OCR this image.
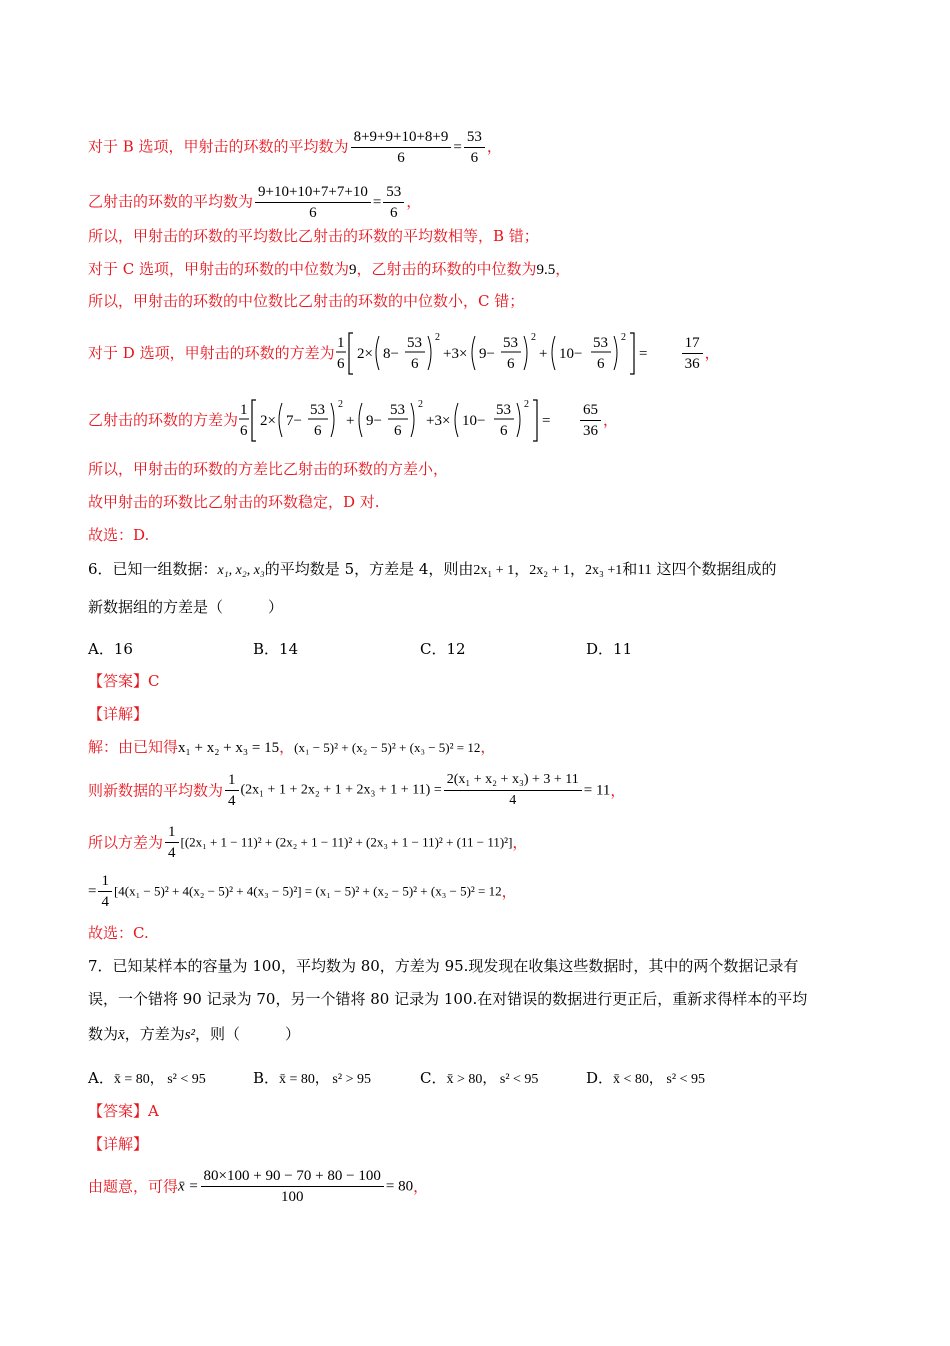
对于 B 选项，甲射击的环数的平均数为 $\frac{8+9+9+10+8+9}{6} = \frac{53}{6}$ ，
乙射击的环数的平均数为 $\frac{9+10+10+7+7+10}{6} = \frac{53}{6}$ ，
所以，甲射击的环数的平均数比乙射击的环数的平均数相等，B 错；
对于 C 选项，甲射击的环数的中位数为9，乙射击的环数的中位数为9.5，
所以，甲射击的环数的中位数比乙射击的环数的中位数小，C 错；
对于 D 选项，甲射击的环数的方差为
1
6
2× 8−
53
6
2
+3× 9−
53
6
2
+ 10−
53
6
2
= $\frac{17}{36}$ ，
乙射击的环数的方差为
1
6
2× 7−
53
6
2
+ 9−
53
6
2
+3× 10−
53
6
2
= $\frac{65}{36}$ ，
所以，甲射击的环数的方差比乙射击的环数的方差小，
故甲射击的环数比乙射击的环数稳定，D 对.
故选：D.
6．已知一组数据：x₁, x₂, x₃的平均数是 5，方差是 4，则由2x₁ + 1，2x₂ + 1，2x₃ +1和11 这四个数据组成的
新数据组的方差是（　　　）
A．16	B．14	C．12	D．11
【答案】C
【详解】
解：由已知得x₁ + x₂ + x₃ = 15，(x₁ − 5)² + (x₂ − 5)² + (x₃ − 5)² = 12，
则新数据的平均数为 $\frac{1}{4} (2x_1 + 1 + 2x_2 + 1 + 2x_3 + 1 + 11) = \frac{\text{2(x₁ + x₂ + x₃) + 3 + 11}}{4} = 11$，
所以方差为 $\frac{1}{4} [(2x_1 + 1 - 11)^2 + (2x_2 + 1 - 11)^2 + (2x_3 + 1 - 11)^2 + (11 - 11)^2]$，
= $\frac{1}{4} [4(x_1 - 5)^2 + 4(x_2 - 5)^2 + 4(x_3 - 5)^2] = (x_1 - 5)^2 + (x_2 - 5)^2 + (x_3 - 5)^2 = 12$，
故选：C.
7．已知某样本的容量为 100，平均数为 80，方差为 95.现发现在收集这些数据时，其中的两个数据记录有
误，一个错将 90 记录为 70，另一个错将 80 记录为 100.在对错误的数据进行更正后，重新求得样本的平均
数为x̄，方差为s²，则（　　　）
A．x̄ = 80， s² < 95	B．x̄ = 80， s² > 95	C．x̄ > 80， s² < 95	D．x̄ < 80， s² < 95
【答案】A
【详解】
由题意，可得x̄ = $\frac{80\times 100 + 90 - 70 + 80 - 100}{100} = 80$，
